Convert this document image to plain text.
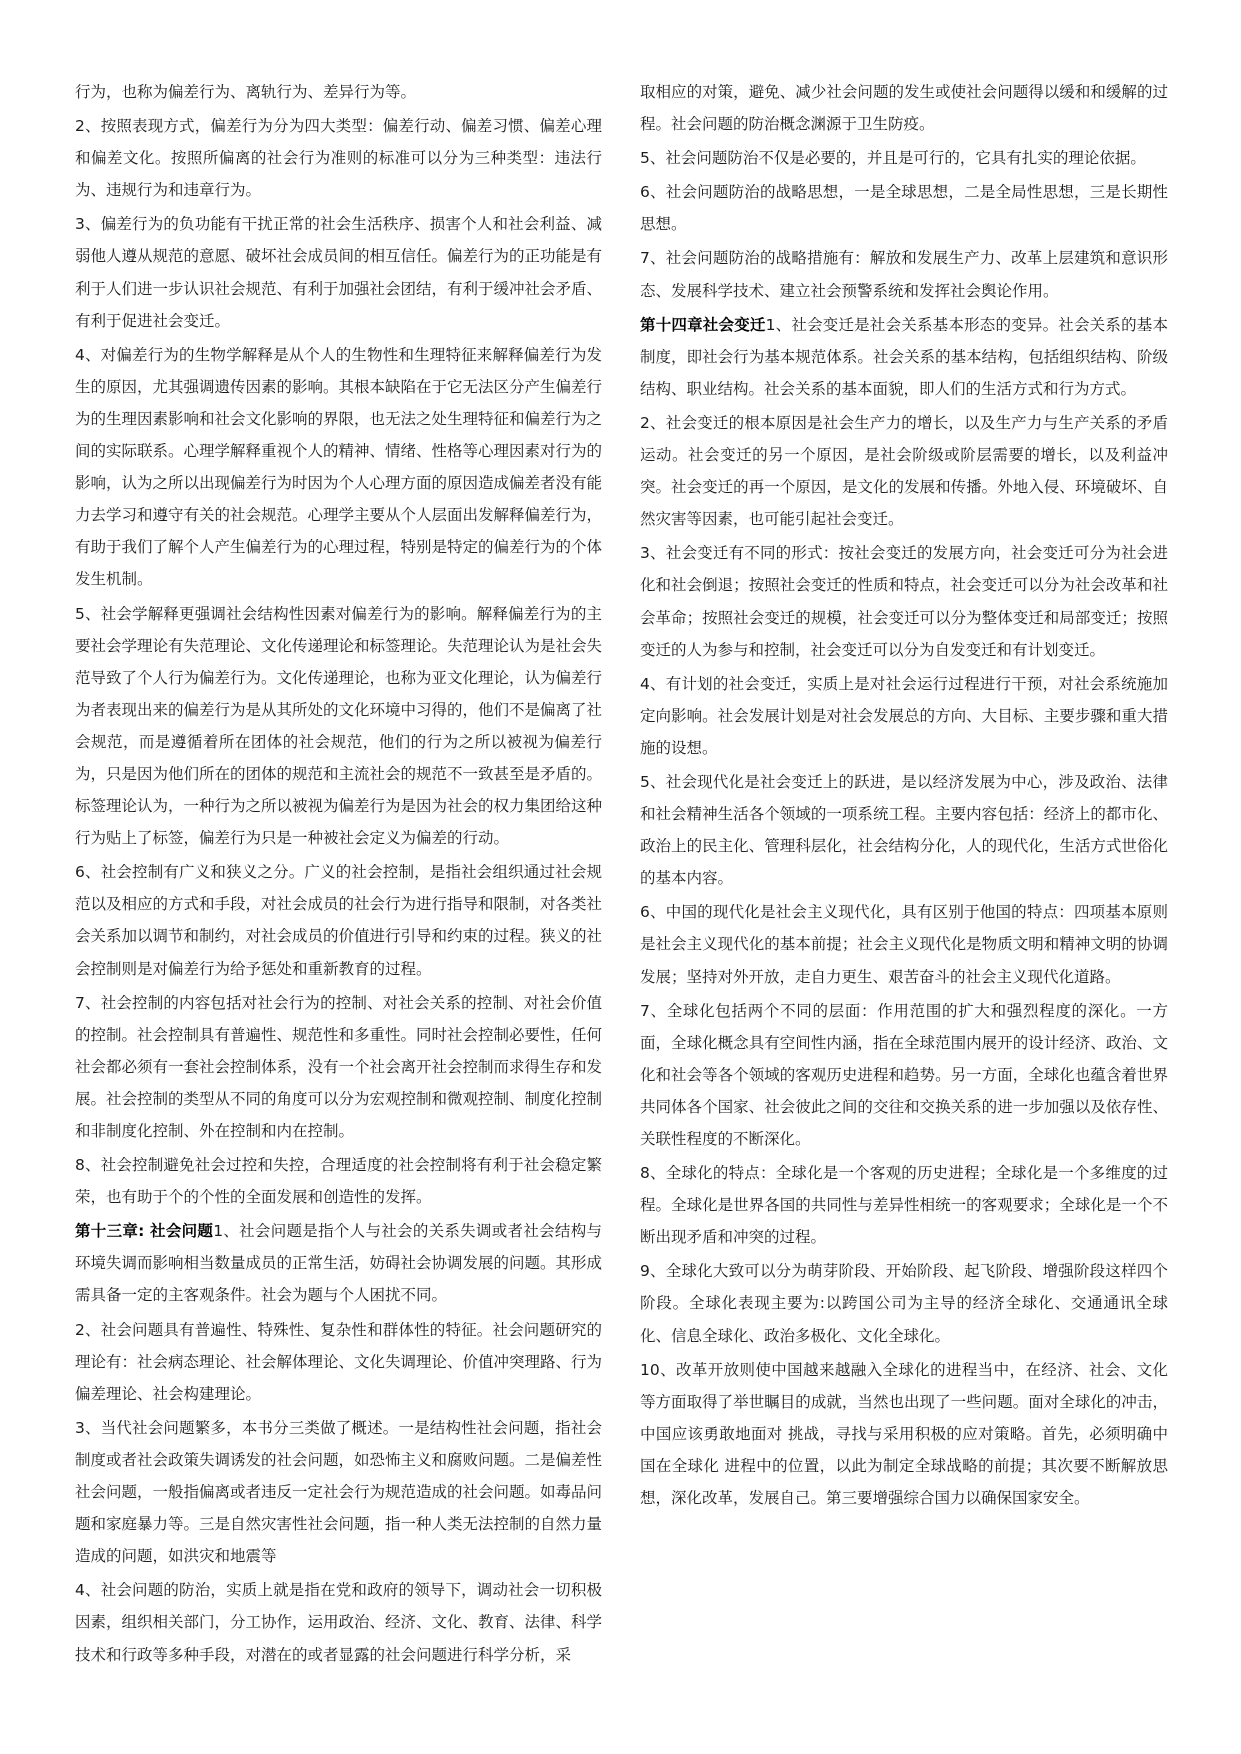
行为，也称为偏差行为、离轨行为、差异行为等。

2、按照表现方式，偏差行为分为四大类型：偏差行动、偏差习惯、偏差心理和偏差文化。按照所偏离的社会行为准则的标准可以分为三种类型：违法行为、违规行为和违章行为。

3、偏差行为的负功能有干扰正常的社会生活秩序、损害个人和社会利益、减弱他人遵从规范的意愿、破坏社会成员间的相互信任。偏差行为的正功能是有利于人们进一步认识社会规范、有利于加强社会团结，有利于缓冲社会矛盾、有利于促进社会变迁。

4、对偏差行为的生物学解释是从个人的生物性和生理特征来解释偏差行为发生的原因，尤其强调遗传因素的影响。其根本缺陷在于它无法区分产生偏差行为的生理因素影响和社会文化影响的界限，也无法之处生理特征和偏差行为之间的实际联系。心理学解释重视个人的精神、情绪、性格等心理因素对行为的影响，认为之所以出现偏差行为时因为个人心理方面的原因造成偏差者没有能力去学习和遵守有关的社会规范。心理学主要从个人层面出发解释偏差行为，有助于我们了解个人产生偏差行为的心理过程，特别是特定的偏差行为的个体发生机制。

5、社会学解释更强调社会结构性因素对偏差行为的影响。解释偏差行为的主要社会学理论有失范理论、文化传递理论和标签理论。失范理论认为是社会失范导致了个人行为偏差行为。文化传递理论，也称为亚文化理论，认为偏差行为者表现出来的偏差行为是从其所处的文化环境中习得的，他们不是偏离了社会规范，而是遵循着所在团体的社会规范，他们的行为之所以被视为偏差行为，只是因为他们所在的团体的规范和主流社会的规范不一致甚至是矛盾的。标签理论认为，一种行为之所以被视为偏差行为是因为社会的权力集团给这种行为贴上了标签，偏差行为只是一种被社会定义为偏差的行动。

6、社会控制有广义和狭义之分。广义的社会控制，是指社会组织通过社会规范以及相应的方式和手段，对社会成员的社会行为进行指导和限制，对各类社会关系加以调节和制约，对社会成员的价值进行引导和约束的过程。狭义的社会控制则是对偏差行为给予惩处和重新教育的过程。

7、社会控制的内容包括对社会行为的控制、对社会关系的控制、对社会价值的控制。社会控制具有普遍性、规范性和多重性。同时社会控制必要性，任何社会都必须有一套社会控制体系，没有一个社会离开社会控制而求得生存和发展。社会控制的类型从不同的角度可以分为宏观控制和微观控制、制度化控制和非制度化控制、外在控制和内在控制。

8、社会控制避免社会过控和失控，合理适度的社会控制将有利于社会稳定繁荣，也有助于个的个性的全面发展和创造性的发挥。

第十三章: 社会问题1、社会问题是指个人与社会的关系失调或者社会结构与环境失调而影响相当数量成员的正常生活，妨碍社会协调发展的问题。其形成需具备一定的主客观条件。社会为题与个人困扰不同。

2、社会问题具有普遍性、特殊性、复杂性和群体性的特征。社会问题研究的理论有：社会病态理论、社会解体理论、文化失调理论、价值冲突理路、行为偏差理论、社会构建理论。

3、当代社会问题繁多，本书分三类做了概述。一是结构性社会问题，指社会制度或者社会政策失调诱发的社会问题，如恐怖主义和腐败问题。二是偏差性社会问题，一般指偏离或者违反一定社会行为规范造成的社会问题。如毒品问题和家庭暴力等。三是自然灾害性社会问题，指一种人类无法控制的自然力量造成的问题，如洪灾和地震等

4、社会问题的防治，实质上就是指在党和政府的领导下，调动社会一切积极因素，组织相关部门，分工协作，运用政治、经济、文化、教育、法律、科学技术和行政等多种手段，对潜在的或者显露的社会问题进行科学分析，采

取相应的对策，避免、减少社会问题的发生或使社会问题得以缓和和缓解的过程。社会问题的防治概念渊源于卫生防疫。

5、社会问题防治不仅是必要的，并且是可行的，它具有扎实的理论依据。

6、社会问题防治的战略思想，一是全球思想，二是全局性思想，三是长期性思想。

7、社会问题防治的战略措施有：解放和发展生产力、改革上层建筑和意识形态、发展科学技术、建立社会预警系统和发挥社会舆论作用。

第十四章社会变迁1、社会变迁是社会关系基本形态的变异。社会关系的基本制度，即社会行为基本规范体系。社会关系的基本结构，包括组织结构、阶级结构、职业结构。社会关系的基本面貌，即人们的生活方式和行为方式。

2、社会变迁的根本原因是社会生产力的增长，以及生产力与生产关系的矛盾运动。社会变迁的另一个原因，是社会阶级或阶层需要的增长，以及利益冲突。社会变迁的再一个原因，是文化的发展和传播。外地入侵、环境破坏、自然灾害等因素，也可能引起社会变迁。

3、社会变迁有不同的形式：按社会变迁的发展方向，社会变迁可分为社会进化和社会倒退；按照社会变迁的性质和特点，社会变迁可以分为社会改革和社会革命；按照社会变迁的规模，社会变迁可以分为整体变迁和局部变迁；按照变迁的人为参与和控制，社会变迁可以分为自发变迁和有计划变迁。

4、有计划的社会变迁，实质上是对社会运行过程进行干预，对社会系统施加定向影响。社会发展计划是对社会发展总的方向、大目标、主要步骤和重大措施的设想。

5、社会现代化是社会变迁上的跃进，是以经济发展为中心，涉及政治、法律和社会精神生活各个领域的一项系统工程。主要内容包括：经济上的都市化、政治上的民主化、管理科层化，社会结构分化，人的现代化，生活方式世俗化的基本内容。

6、中国的现代化是社会主义现代化，具有区别于他国的特点：四项基本原则是社会主义现代化的基本前提；社会主义现代化是物质文明和精神文明的协调发展；坚持对外开放，走自力更生、艰苦奋斗的社会主义现代化道路。

7、全球化包括两个不同的层面：作用范围的扩大和强烈程度的深化。一方面，全球化概念具有空间性内涵，指在全球范围内展开的设计经济、政治、文化和社会等各个领域的客观历史进程和趋势。另一方面，全球化也蕴含着世界共同体各个国家、社会彼此之间的交往和交换关系的进一步加强以及依存性、关联性程度的不断深化。

8、全球化的特点：全球化是一个客观的历史进程；全球化是一个多维度的过程。全球化是世界各国的共同性与差异性相统一的客观要求；全球化是一个不断出现矛盾和冲突的过程。

9、全球化大致可以分为萌芽阶段、开始阶段、起飞阶段、增强阶段这样四个阶段。全球化表现主要为:以跨国公司为主导的经济全球化、交通通讯全球化、信息全球化、政治多极化、文化全球化。

10、改革开放则使中国越来越融入全球化的进程当中，在经济、社会、文化等方面取得了举世瞩目的成就，当然也出现了一些问题。面对全球化的冲击，中国应该勇敢地面对 挑战，寻找与采用积极的应对策略。首先，必须明确中国在全球化 进程中的位置，以此为制定全球战略的前提；其次要不断解放思想，深化改革，发展自己。第三要增强综合国力以确保国家安全。
